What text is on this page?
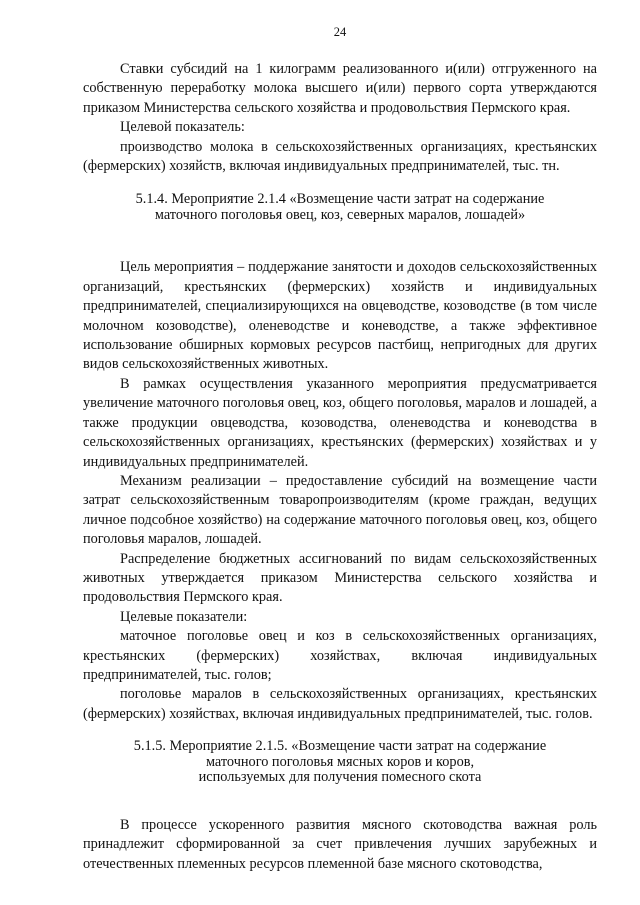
24

Ставки субсидий на 1 килограмм реализованного и(или) отгруженного на собственную переработку молока высшего и(или) первого сорта утверждаются приказом Министерства сельского хозяйства и продовольствия Пермского края.

Целевой показатель:

производство молока в сельскохозяйственных организациях, крестьянских (фермерских) хозяйств, включая индивидуальных предпринимателей, тыс. тн.

5.1.4. Мероприятие 2.1.4 «Возмещение части затрат на содержание
маточного поголовья овец, коз, северных маралов, лошадей»

Цель мероприятия – поддержание занятости и доходов сельскохозяйственных организаций, крестьянских (фермерских) хозяйств и индивидуальных предпринимателей, специализирующихся на овцеводстве, козоводстве (в том числе молочном козоводстве), оленеводстве и коневодстве, а также эффективное использование обширных кормовых ресурсов пастбищ, непригодных для других видов сельскохозяйственных животных.

В рамках осуществления указанного мероприятия предусматривается увеличение маточного поголовья овец, коз, общего поголовья, маралов и лошадей, а также продукции овцеводства, козоводства, оленеводства и коневодства в сельскохозяйственных организациях, крестьянских (фермерских) хозяйствах и у индивидуальных предпринимателей.

Механизм реализации – предоставление субсидий на возмещение части затрат сельскохозяйственным товаропроизводителям (кроме граждан, ведущих личное подсобное хозяйство) на содержание маточного поголовья овец, коз, общего поголовья маралов, лошадей.

Распределение бюджетных ассигнований по видам сельскохозяйственных животных утверждается приказом Министерства сельского хозяйства и продовольствия Пермского края.

Целевые показатели:

маточное поголовье овец и коз в сельскохозяйственных организациях, крестьянских (фермерских) хозяйствах, включая индивидуальных предпринимателей, тыс. голов;

поголовье маралов в сельскохозяйственных организациях, крестьянских (фермерских) хозяйствах, включая индивидуальных предпринимателей, тыс. голов.

5.1.5. Мероприятие 2.1.5. «Возмещение части затрат на содержание
маточного поголовья мясных коров и коров,
используемых для получения помесного скота

В процессе ускоренного развития мясного скотоводства важная роль принадлежит сформированной за счет привлечения лучших зарубежных и отечественных племенных ресурсов племенной базе мясного скотоводства,
